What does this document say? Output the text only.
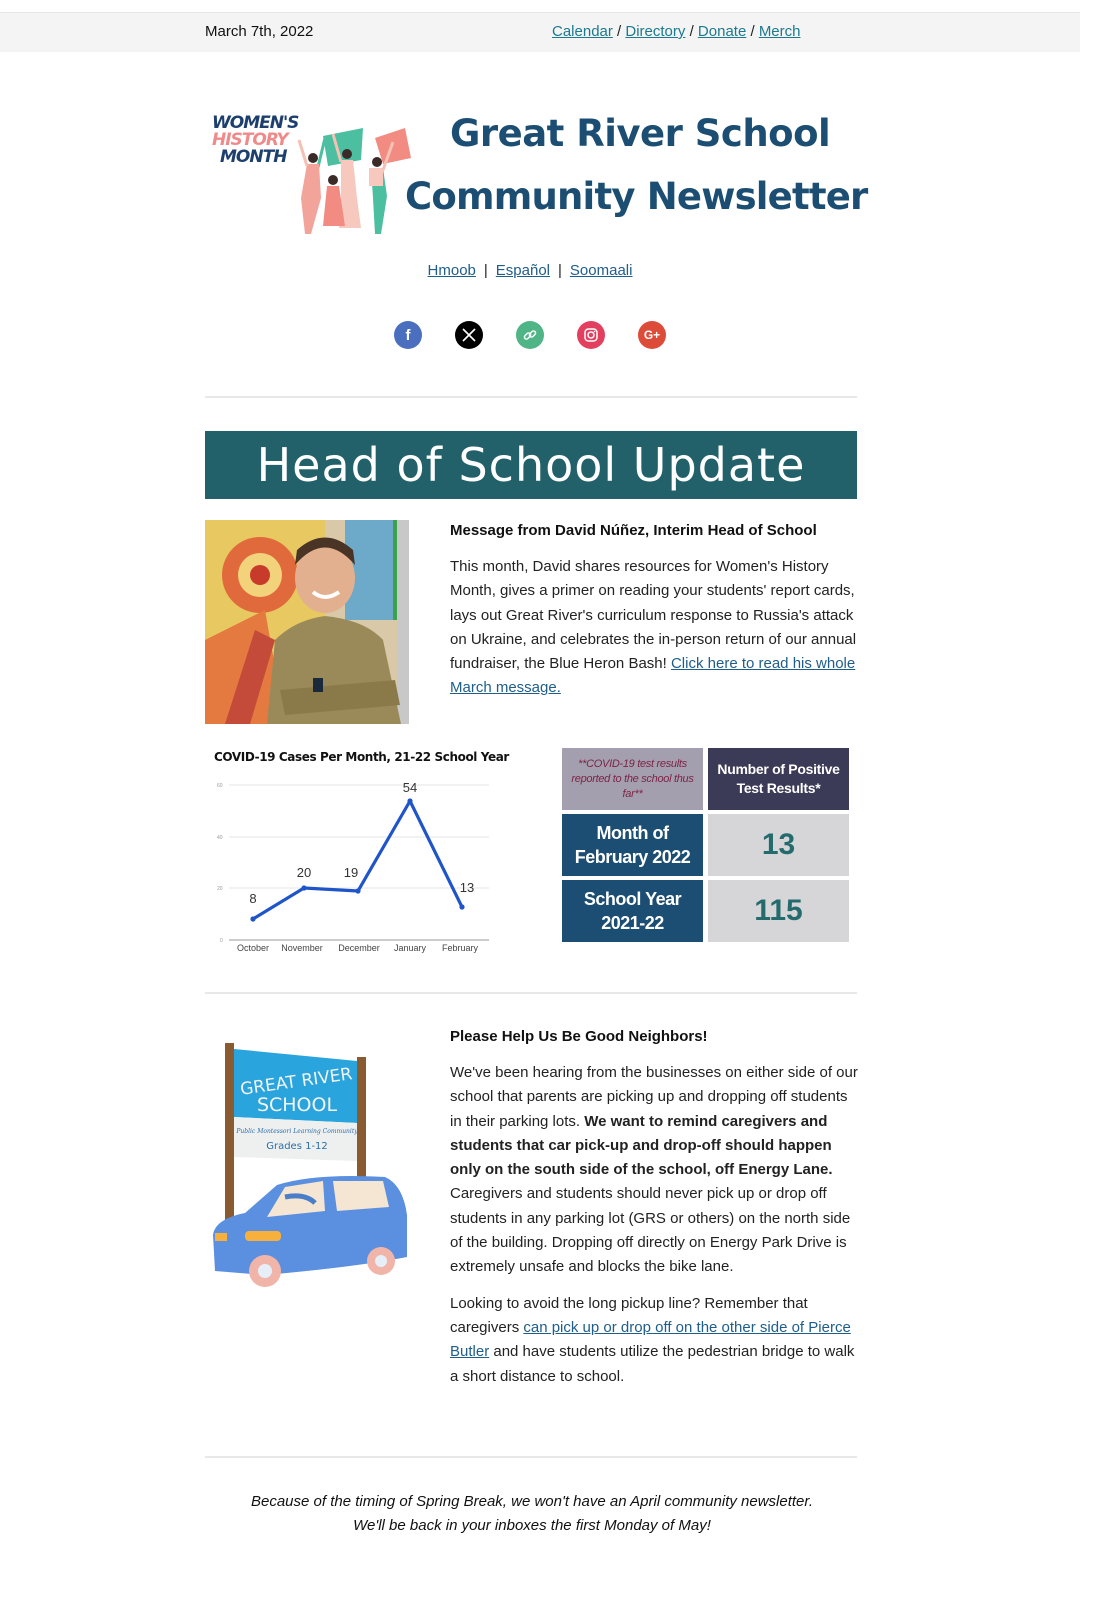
March 7th, 2022	Calendar / Directory / Donate / Merch
WOMEN'S
HISTORY
MONTH
Great River School
Community Newsletter
Hmoob | Español | Soomaali
f	G+
Head of School Update
Message from David Núñez, Interim Head of School

This month, David shares resources for Women's History Month, gives a primer on reading your students' report cards, lays out Great River's curriculum response to Russia's attack on Ukraine, and celebrates the in-person return of our annual fundraiser, the Blue Heron Bash! Click here to read his whole March message.

COVID-19 Cases Per Month, 21-22 School Year
60
40
20
0
8
20	19
54
13
October November December January February
**COVID-19 test results reported to the school thus far**
Number of Positive Test Results*
Month of February 2022	13
School Year 2021-22	115
GREAT RIVER
SCHOOL
Public Montessori Learning Community
Grades 1-12
Please Help Us Be Good Neighbors!

We've been hearing from the businesses on either side of our school that parents are picking up and dropping off students in their parking lots. We want to remind caregivers and students that car pick-up and drop-off should happen only on the south side of the school, off Energy Lane. Caregivers and students should never pick up or drop off students in any parking lot (GRS or others) on the north side of the building. Dropping off directly on Energy Park Drive is extremely unsafe and blocks the bike lane.

Looking to avoid the long pickup line? Remember that caregivers can pick up or drop off on the other side of Pierce Butler and have students utilize the pedestrian bridge to walk a short distance to school.

Because of the timing of Spring Break, we won't have an April community newsletter.
We'll be back in your inboxes the first Monday of May!
